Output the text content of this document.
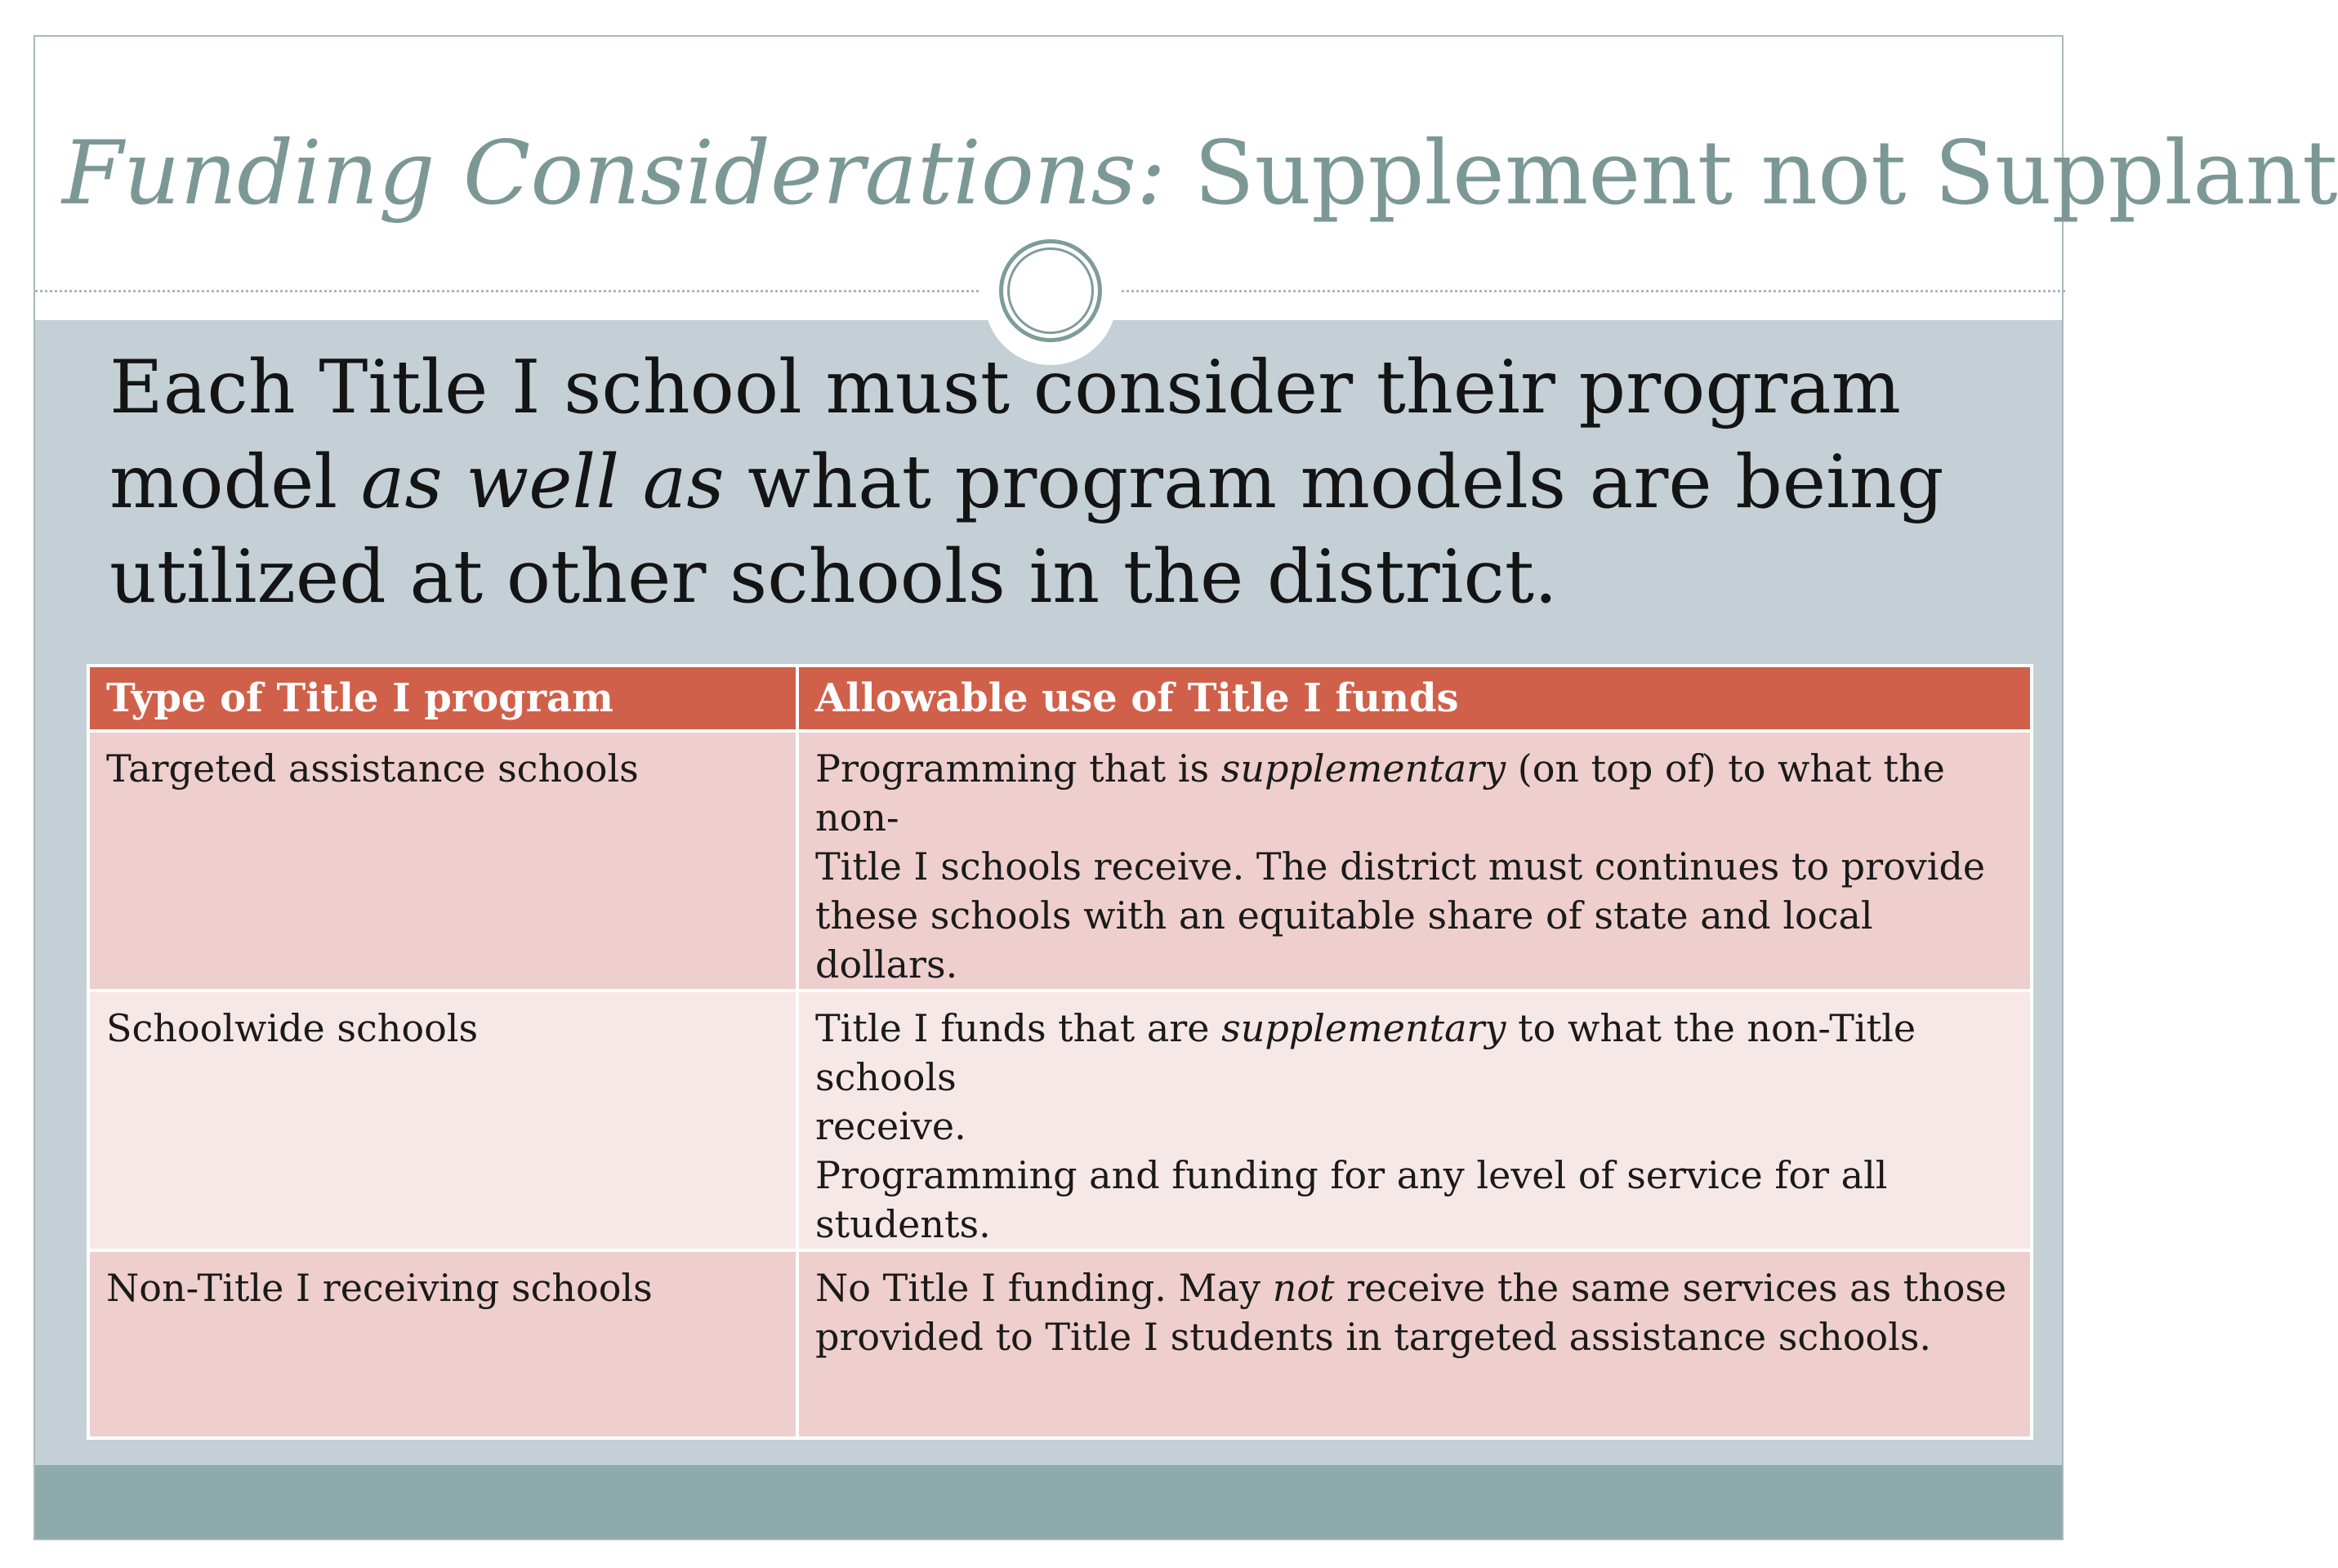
Funding Considerations: Supplement not Supplant

Each Title I school must consider their program model as well as what program models are being utilized at other schools in the district.

Type of Title I program	Allowable use of Title I funds
Targeted assistance schools	Programming that is supplementary (on top of) to what the non-
Title I schools receive. The district must continues to provide
these schools with an equitable share of state and local dollars.

Schoolwide schools	Title I funds that are supplementary to what the non-Title schools
receive.
Programming and funding for any level of service for all students.

Non-Title I receiving schools	No Title I funding. May not receive the same services as those
provided to Title I students in targeted assistance schools.
